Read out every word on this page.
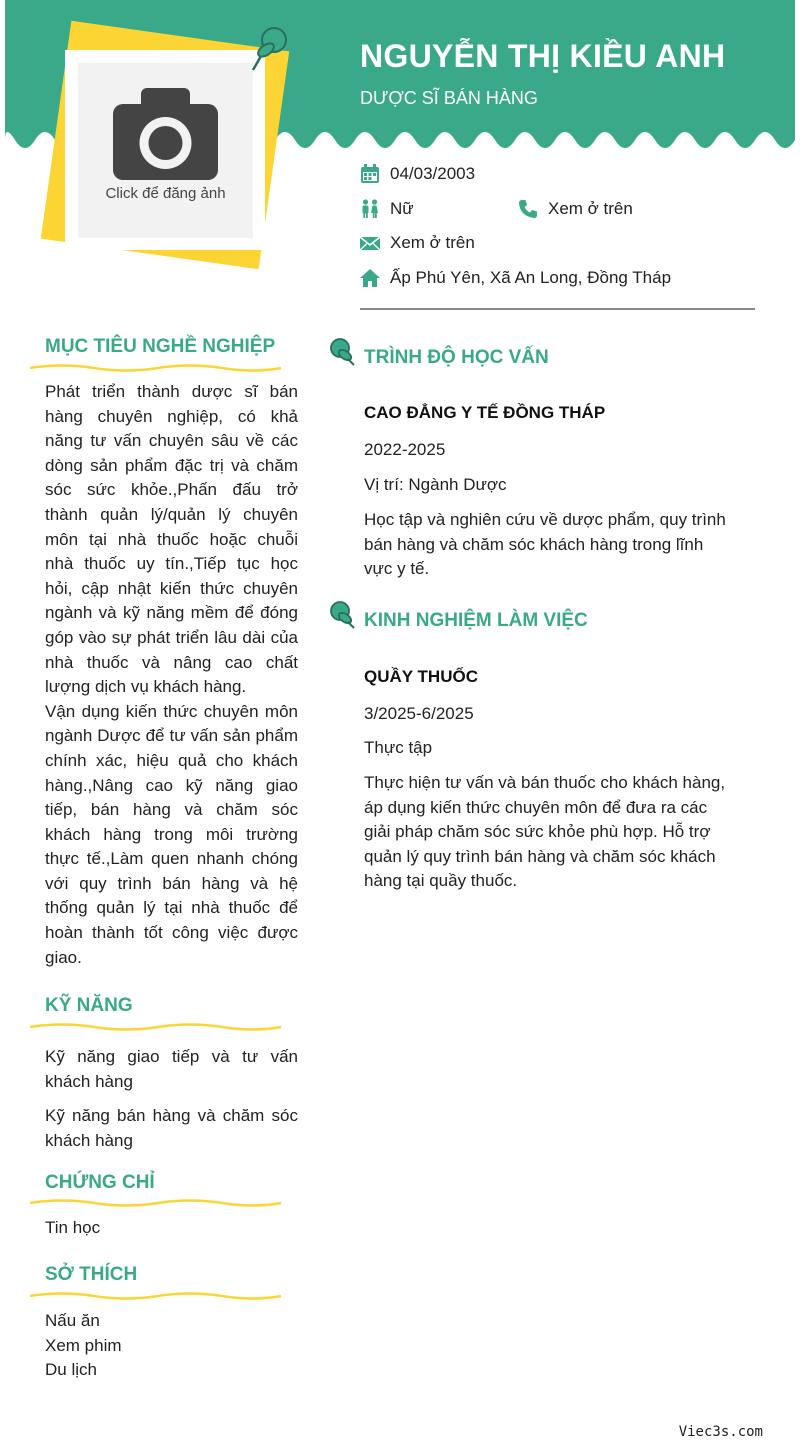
Click để đăng ảnh
NGUYỄN THỊ KIỀU ANH
DƯỢC SĨ BÁN HÀNG
04/03/2003
Nữ	Xem ở trên
Xem ở trên
Ấp Phú Yên, Xã An Long, Đồng Tháp
MỤC TIÊU NGHỀ NGHIỆP

Phát triển thành dược sĩ bán hàng chuyên nghiệp, có khả năng tư vấn chuyên sâu về các dòng sản phẩm đặc trị và chăm sóc sức khỏe.,Phấn đấu trở thành quản lý/quản lý chuyên môn tại nhà thuốc hoặc chuỗi nhà thuốc uy tín.,Tiếp tục học hỏi, cập nhật kiến thức chuyên ngành và kỹ năng mềm để đóng góp vào sự phát triển lâu dài của nhà thuốc và nâng cao chất lượng dịch vụ khách hàng.

Vận dụng kiến thức chuyên môn ngành Dược để tư vấn sản phẩm chính xác, hiệu quả cho khách hàng.,Nâng cao kỹ năng giao tiếp, bán hàng và chăm sóc khách hàng trong môi trường thực tế.,Làm quen nhanh chóng với quy trình bán hàng và hệ thống quản lý tại nhà thuốc để hoàn thành tốt công việc được giao.

KỸ NĂNG
Kỹ năng giao tiếp và tư vấn khách hàng
Kỹ năng bán hàng và chăm sóc khách hàng
CHỨNG CHỈ
Tin học
SỞ THÍCH
Nấu ăn
Xem phim
Du lịch
TRÌNH ĐỘ HỌC VẤN
CAO ĐẲNG Y TẾ ĐỒNG THÁP
2022-2025
Vị trí: Ngành Dược
Học tập và nghiên cứu về dược phẩm, quy trình bán hàng và chăm sóc khách hàng trong lĩnh vực y tế.
KINH NGHIỆM LÀM VIỆC
QUẦY THUỐC
3/2025-6/2025
Thực tập
Thực hiện tư vấn và bán thuốc cho khách hàng, áp dụng kiến thức chuyên môn để đưa ra các giải pháp chăm sóc sức khỏe phù hợp. Hỗ trợ quản lý quy trình bán hàng và chăm sóc khách hàng tại quầy thuốc.
Viec3s.com
